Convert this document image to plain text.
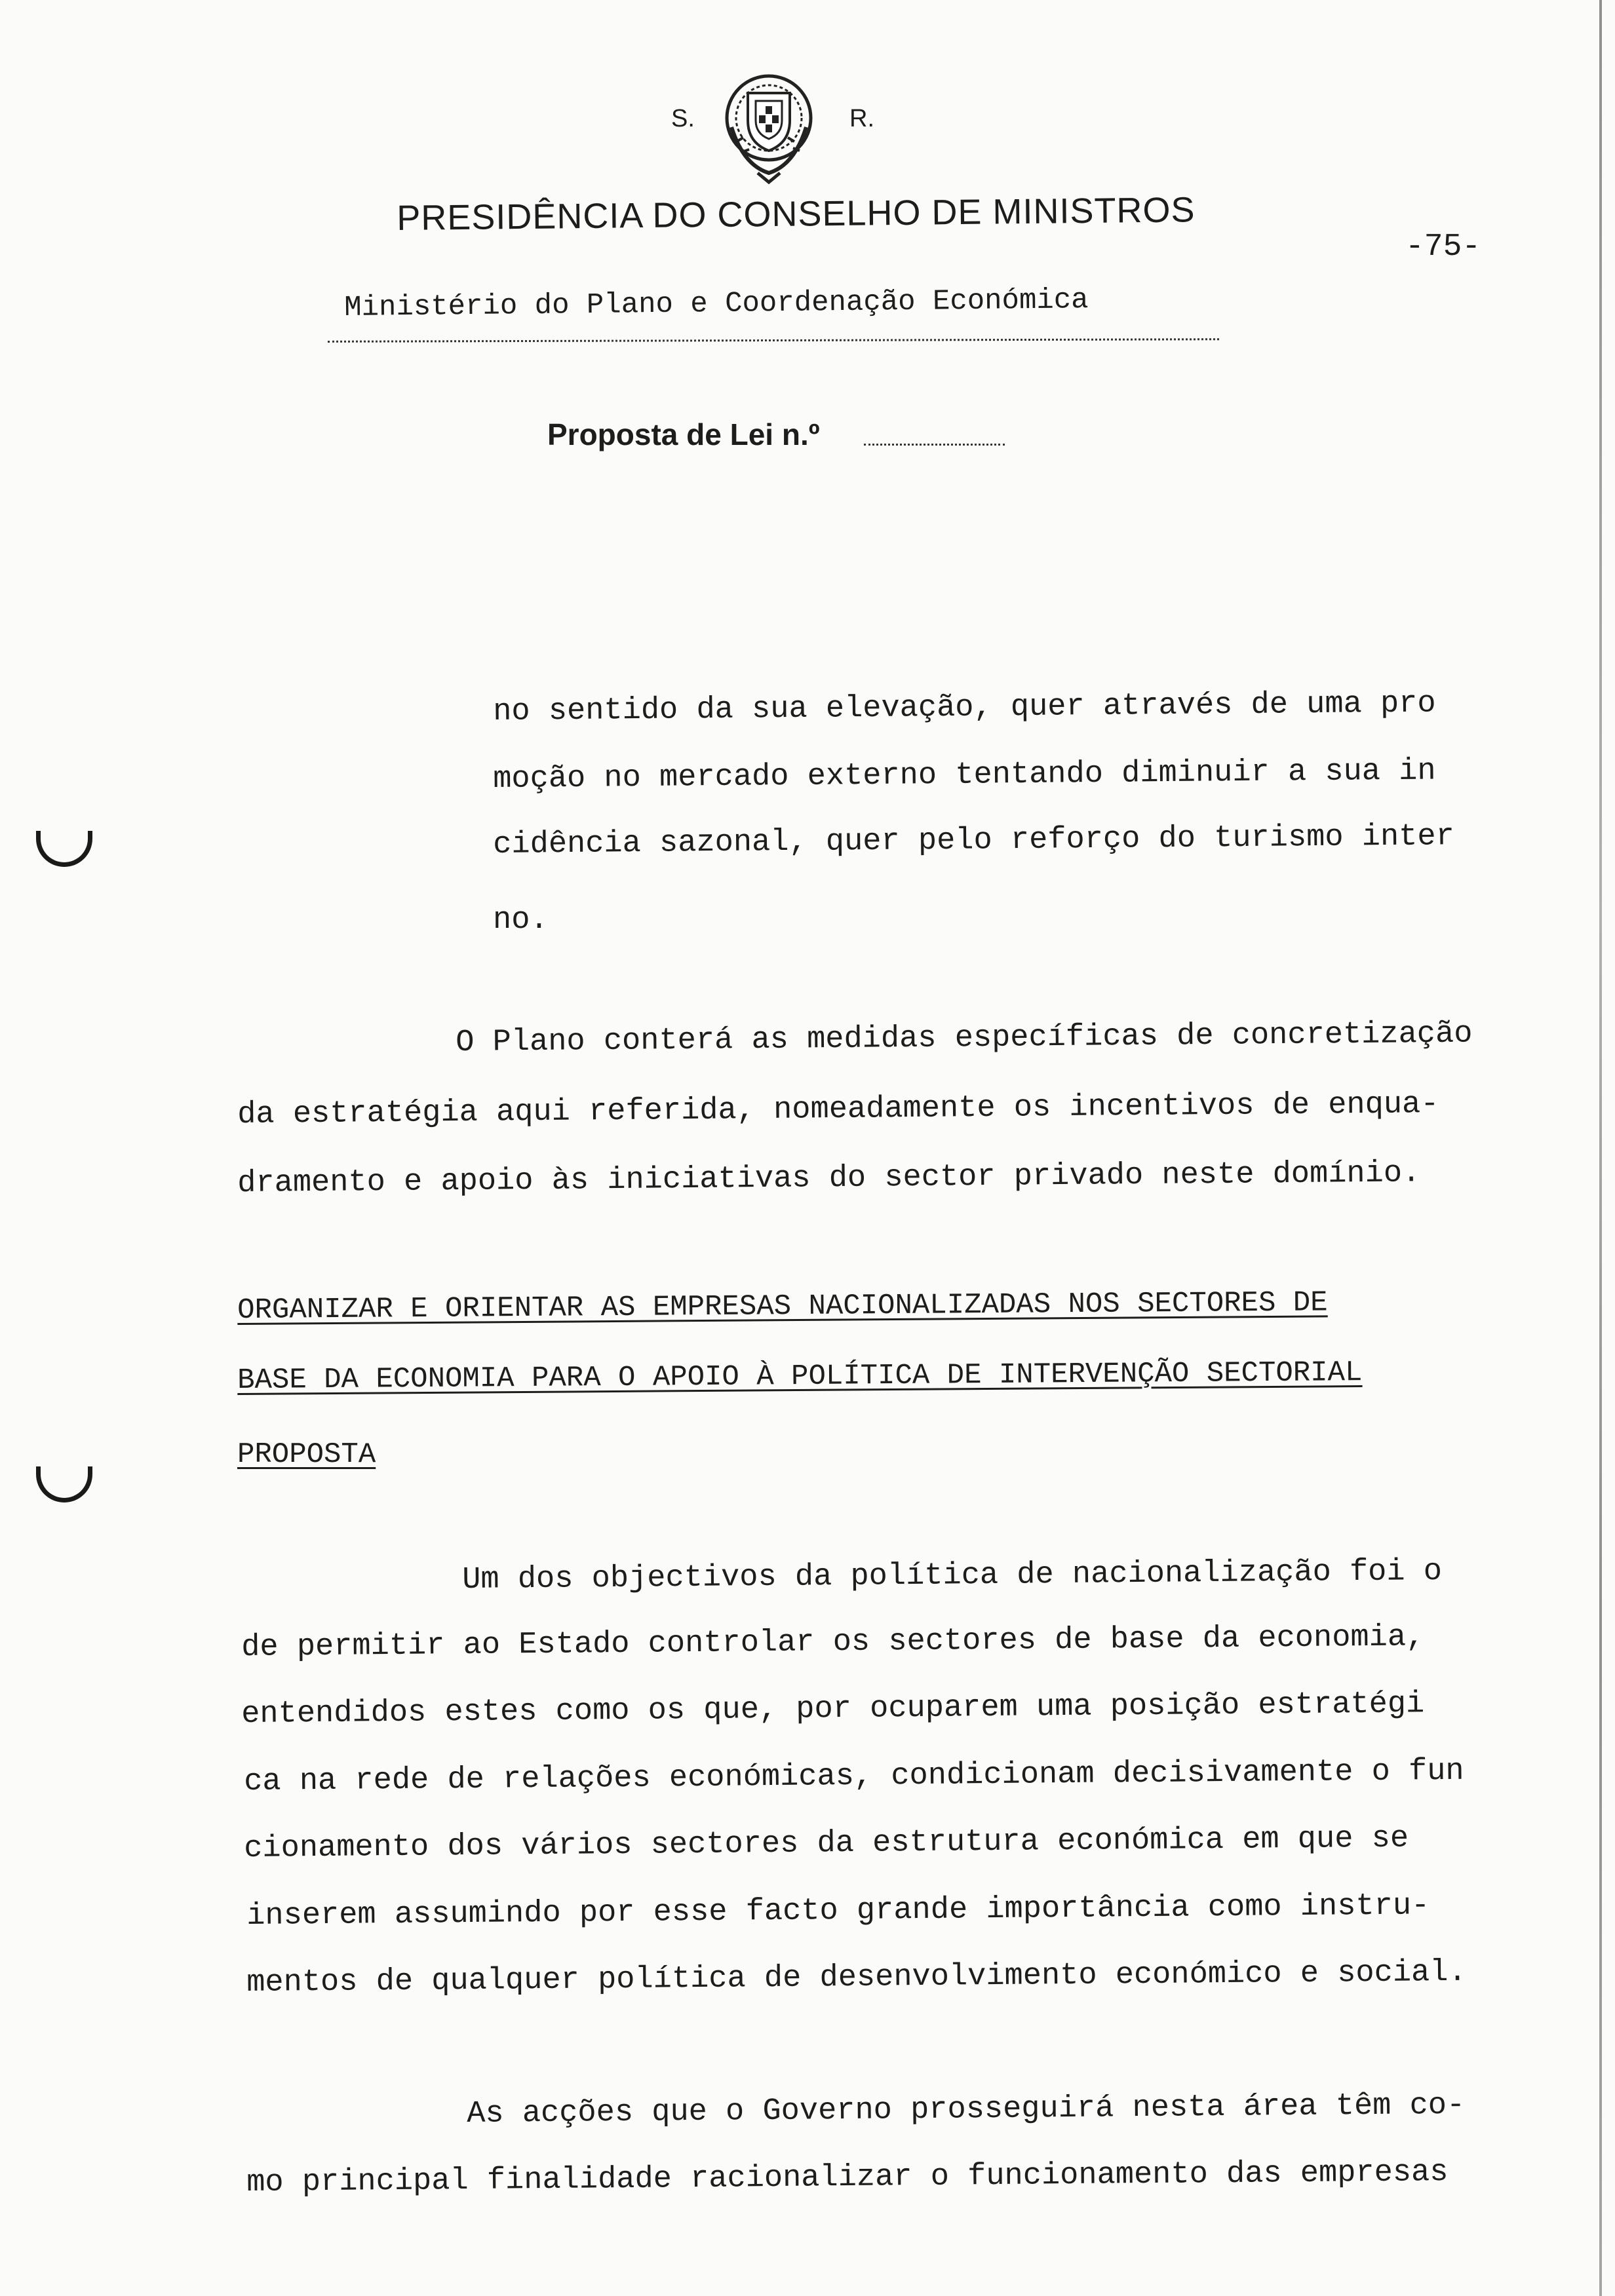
S.	R.
PRESIDÊNCIA DO CONSELHO DE MINISTROS
-75-
Ministério do Plano e Coordenação Económica
Proposta de Lei n.º
no sentido da sua elevação, quer através de uma pro
moção no mercado externo tentando diminuir a sua in
cidência sazonal, quer pelo reforço do turismo inter
no.
O Plano conterá as medidas específicas de concretização
da estratégia aqui referida, nomeadamente os incentivos de enqua-
dramento e apoio às iniciativas do sector privado neste domínio.
ORGANIZAR E ORIENTAR AS EMPRESAS NACIONALIZADAS NOS SECTORES DE
BASE DA ECONOMIA PARA O APOIO À POLÍTICA DE INTERVENÇÃO SECTORIAL
PROPOSTA
Um dos objectivos da política de nacionalização foi o
de permitir ao Estado controlar os sectores de base da economia,
entendidos estes como os que, por ocuparem uma posição estratégi
ca na rede de relações económicas, condicionam decisivamente o fun
cionamento dos vários sectores da estrutura económica em que se
inserem assumindo por esse facto grande importância como instru-
mentos de qualquer política de desenvolvimento económico e social.
As acções que o Governo prosseguirá nesta área têm co-
mo principal finalidade racionalizar o funcionamento das empresas
